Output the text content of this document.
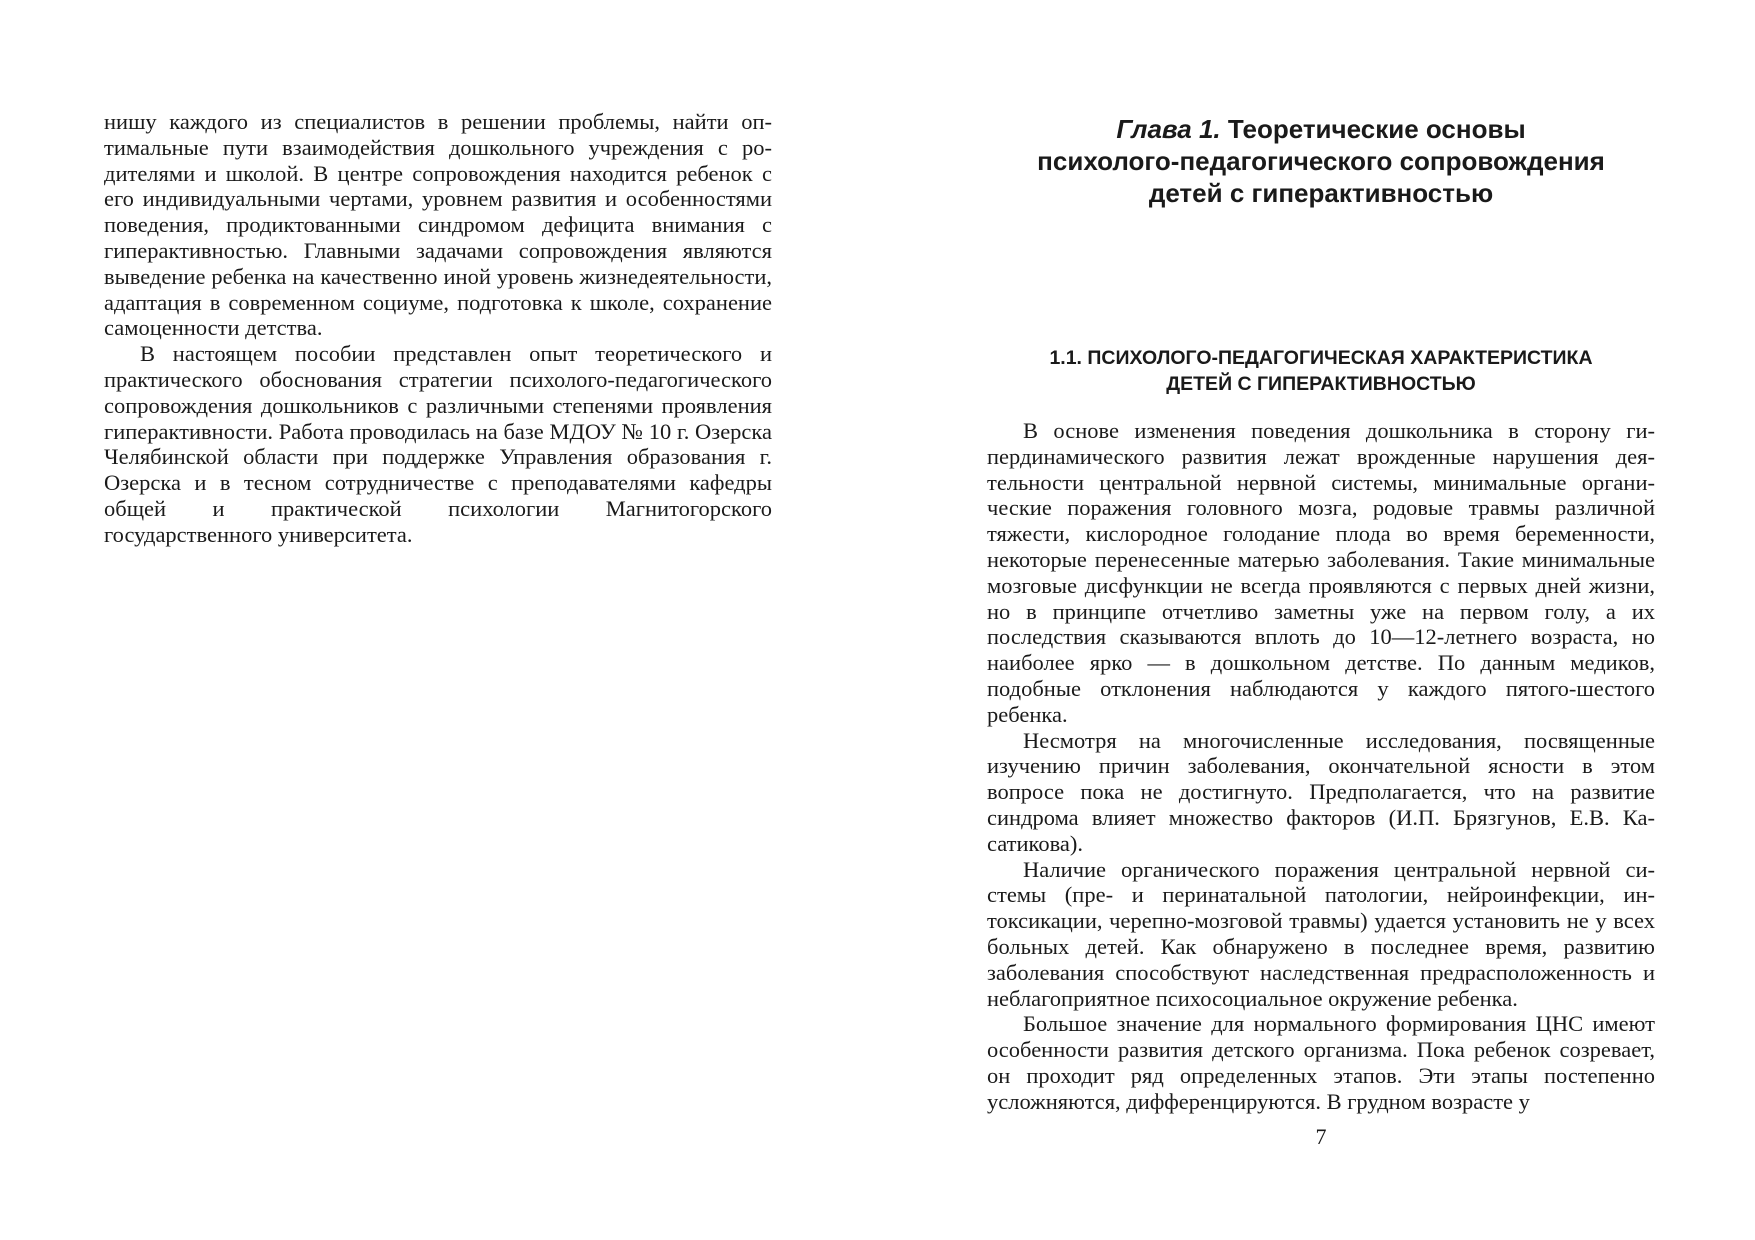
нишу каждого из специалистов в решении проблемы, найти оптимальные пути взаимодействия дошкольного учреждения с родителями и школой. В центре сопровождения находится ребенок с его индивидуальными чертами, уровнем развития и особенностями поведения, продиктованными синдромом дефицита внимания с гиперактивностью. Главными задачами сопровождения являются выведение ребенка на качественно иной уровень жизнедеятельности, адаптация в современном социуме, подготовка к школе, сохранение самоценности детства.

В настоящем пособии представлен опыт теоретического и практического обоснования стратегии психолого-педагогического сопровождения дошкольников с различными степенями проявления гиперактивности. Работа проводилась на базе МДОУ № 10 г. Озерска Челябинской области при поддержке Управления образования г. Озерска и в тесном сотрудничестве с преподавателями кафедры общей и практической психологии Магнитогорского государственного университета.

Глава 1. Теоретические основы
психолого-педагогического сопровождения
детей с гиперактивностью
1.1. ПСИХОЛОГО-ПЕДАГОГИЧЕСКАЯ ХАРАКТЕРИСТИКА
ДЕТЕЙ С ГИПЕРАКТИВНОСТЬЮ

В основе изменения поведения дошкольника в сторону гипердинамического развития лежат врожденные нарушения деятельности центральной нервной системы, минимальные органические поражения головного мозга, родовые травмы различной тяжести, кислородное голодание плода во время беременности, некоторые перенесенные матерью заболевания. Такие минимальные мозговые дисфункции не всегда проявляются с первых дней жизни, но в принципе отчетливо заметны уже на первом голу, а их последствия сказываются вплоть до 10—12-летнего возраста, но наиболее ярко — в дошкольном детстве. По данным медиков, подобные отклонения наблюдаются у каждого пятого-шестого ребенка.

Несмотря на многочисленные исследования, посвященные изучению причин заболевания, окончательной ясности в этом вопросе пока не достигнуто. Предполагается, что на развитие синдрома влияет множество факторов (И.П. Брязгунов, Е.В. Касатикова).

Наличие органического поражения центральной нервной системы (пре- и перинатальной патологии, нейроинфекции, интоксикации, черепно-мозговой травмы) удается установить не у всех больных детей. Как обнаружено в последнее время, развитию заболевания способствуют наследственная предрасположенность и неблагоприятное психосоциальное окружение ребенка.

Большое значение для нормального формирования ЦНС имеют особенности развития детского организма. Пока ребенок созревает, он проходит ряд определенных этапов. Эти этапы постепенно усложняются, дифференцируются. В грудном возрасте у

7
